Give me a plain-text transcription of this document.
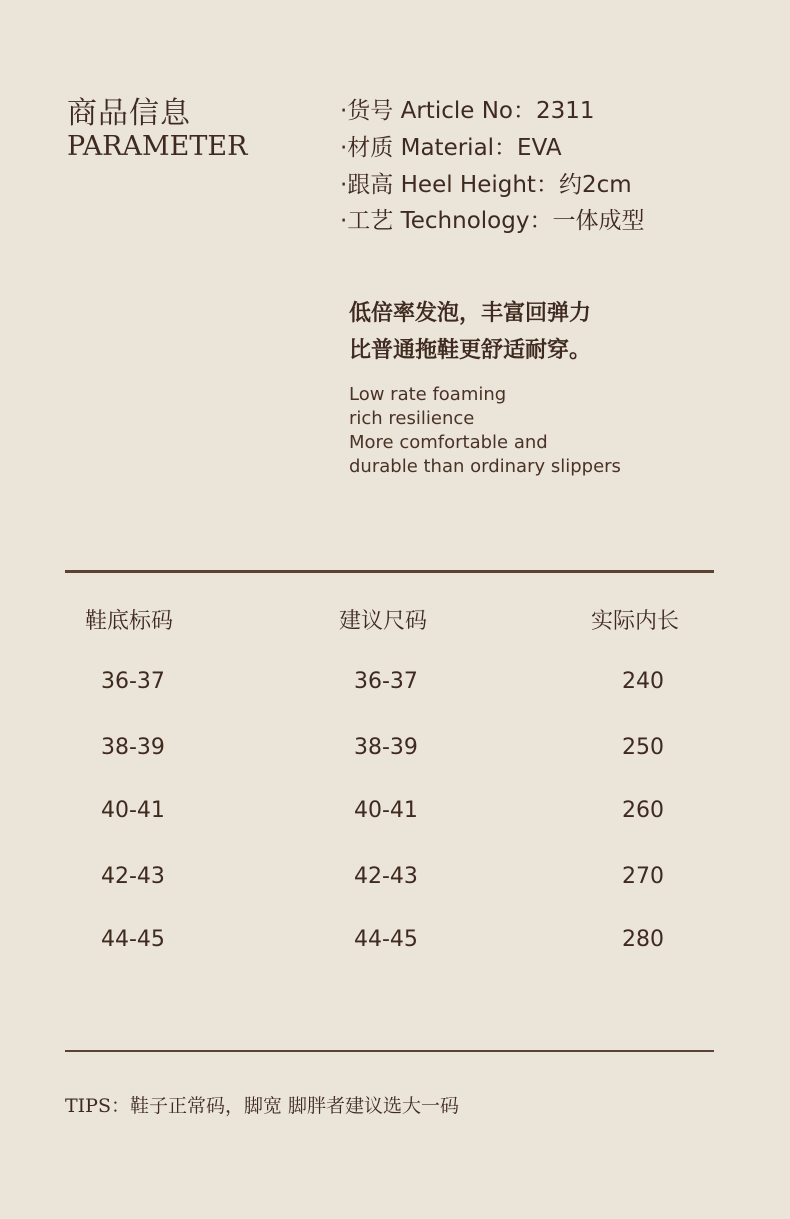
商品信息
PARAMETER
·货号 Article No：2311
·材质 Material：EVA
·跟高 Heel Height：约2cm
·工艺 Technology：一体成型
低倍率发泡，丰富回弹力
比普通拖鞋更舒适耐穿。
Low rate foaming
rich resilience
More comfortable and
durable than ordinary slippers
鞋底标码	建议尺码	实际内长
36-37	36-37	240
38-39	38-39	250
40-41	40-41	260
42-43	42-43	270
44-45	44-45	280
TIPS：鞋子正常码，脚宽 脚胖者建议选大一码
